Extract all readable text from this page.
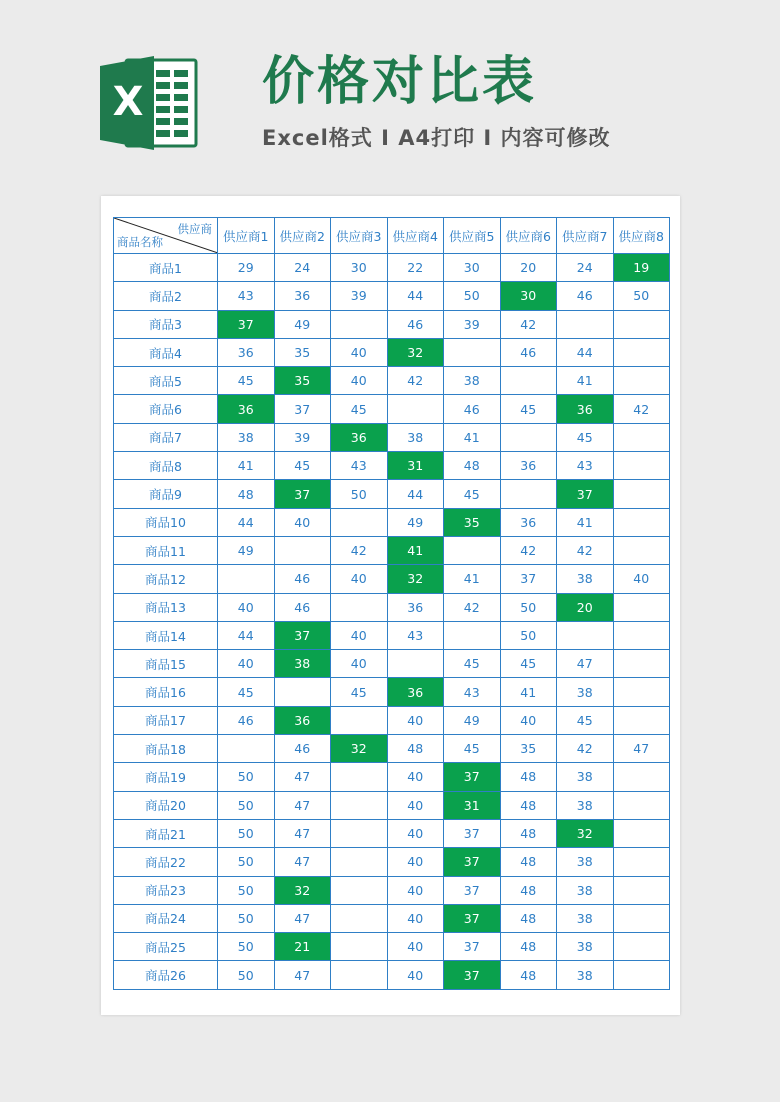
X 价格对比表
Excel格式 Ⅰ A4打印 Ⅰ 内容可修改
供应商
商品名称	供应商1	供应商2	供应商3	供应商4	供应商5	供应商6	供应商7	供应商8
商品1	29	24	30	22	30	20	24	19
商品2	43	36	39	44	50	30	46	50
商品3	37	49		46	39	42		
商品4	36	35	40	32		46	44	
商品5	45	35	40	42	38		41	
商品6	36	37	45		46	45	36	42
商品7	38	39	36	38	41		45	
商品8	41	45	43	31	48	36	43	
商品9	48	37	50	44	45		37	
商品10	44	40		49	35	36	41	
商品11	49		42	41		42	42	
商品12		46	40	32	41	37	38	40
商品13	40	46		36	42	50	20	
商品14	44	37	40	43		50		
商品15	40	38	40		45	45	47	
商品16	45		45	36	43	41	38	
商品17	46	36		40	49	40	45	
商品18		46	32	48	45	35	42	47
商品19	50	47		40	37	48	38	
商品20	50	47		40	31	48	38	
商品21	50	47		40	37	48	32	
商品22	50	47		40	37	48	38	
商品23	50	32		40	37	48	38	
商品24	50	47		40	37	48	38	
商品25	50	21		40	37	48	38	
商品26	50	47		40	37	48	38	
